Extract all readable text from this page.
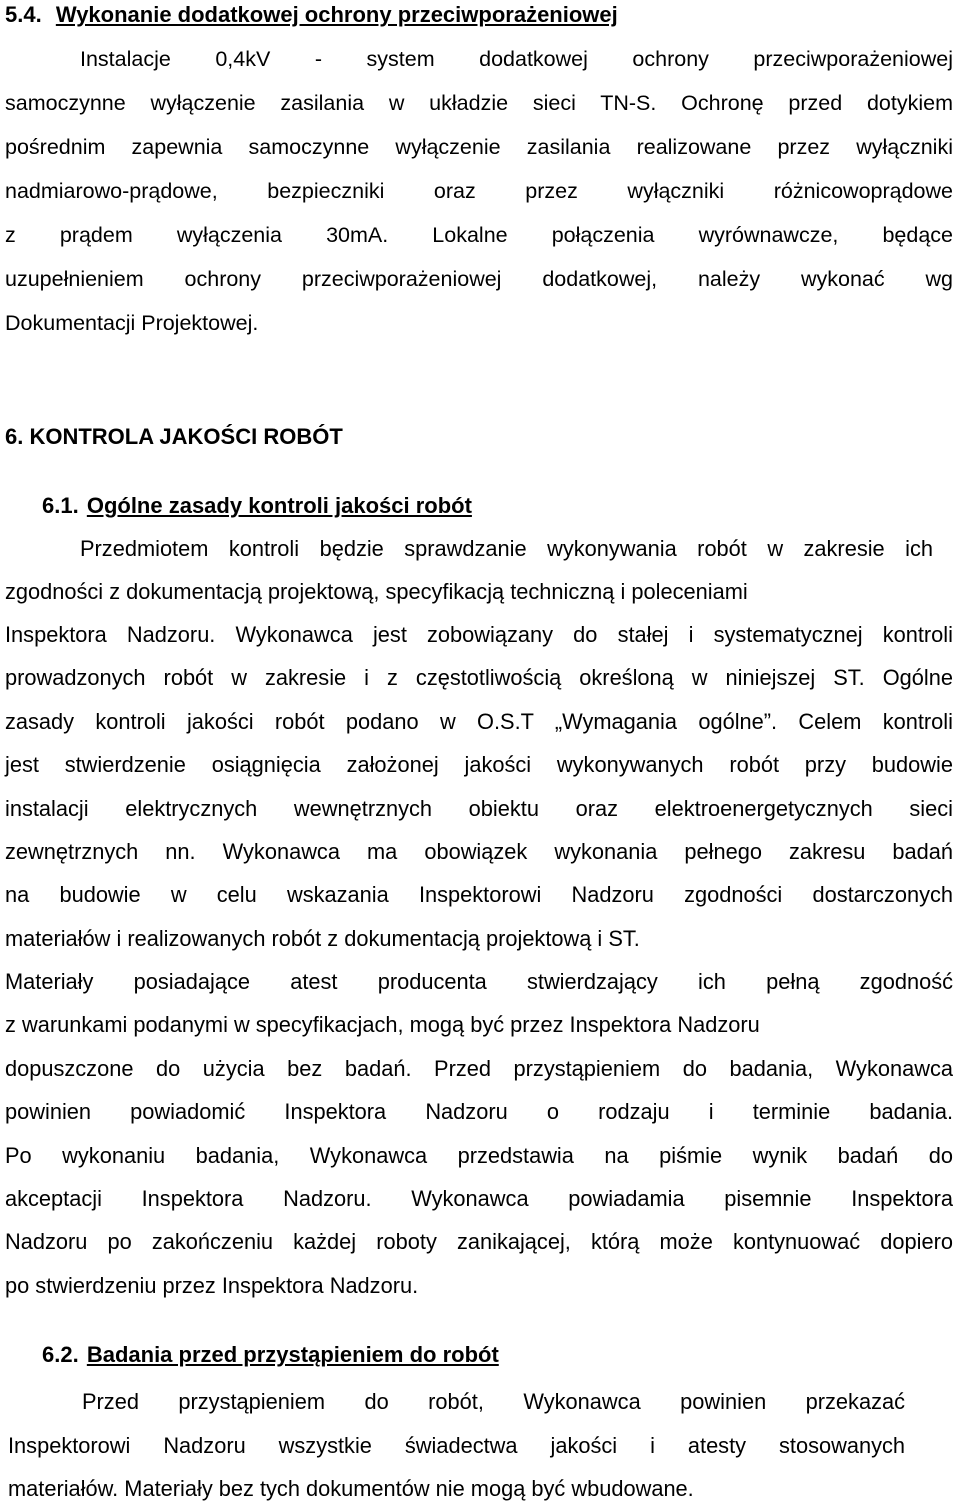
5.4. Wykonanie dodatkowej ochrony przeciwporażeniowej
Instalacje 0,4kV - system dodatkowej ochrony przeciwporażeniowej
samoczynne wyłączenie zasilania w układzie sieci TN-S. Ochronę przed dotykiem
pośrednim zapewnia samoczynne wyłączenie zasilania realizowane przez wyłączniki
nadmiarowo-prądowe, bezpieczniki oraz przez wyłączniki różnicowoprądowe
z prądem wyłączenia 30mA. Lokalne połączenia wyrównawcze, będące
uzupełnieniem ochrony przeciwporażeniowej dodatkowej, należy wykonać wg
Dokumentacji Projektowej.
6. KONTROLA JAKOŚCI ROBÓT
6.1. Ogólne zasady kontroli jakości robót
Przedmiotem kontroli będzie sprawdzanie wykonywania robót w zakresie ich
zgodności z dokumentacją projektową, specyfikacją techniczną i poleceniami
Inspektora Nadzoru. Wykonawca jest zobowiązany do stałej i systematycznej kontroli
prowadzonych robót w zakresie i z częstotliwością określoną w niniejszej ST. Ogólne
zasady kontroli jakości robót podano w O.S.T „Wymagania ogólne”. Celem kontroli
jest stwierdzenie osiągnięcia założonej jakości wykonywanych robót przy budowie
instalacji elektrycznych wewnętrznych obiektu oraz elektroenergetycznych sieci
zewnętrznych nn. Wykonawca ma obowiązek wykonania pełnego zakresu badań
na budowie w celu wskazania Inspektorowi Nadzoru zgodności dostarczonych
materiałów i realizowanych robót z dokumentacją projektową i ST.
Materiały posiadające atest producenta stwierdzający ich pełną zgodność
z warunkami podanymi w specyfikacjach, mogą być przez Inspektora Nadzoru
dopuszczone do użycia bez badań. Przed przystąpieniem do badania, Wykonawca
powinien powiadomić Inspektora Nadzoru o rodzaju i terminie badania.
Po wykonaniu badania, Wykonawca przedstawia na piśmie wynik badań do
akceptacji Inspektora Nadzoru. Wykonawca powiadamia pisemnie Inspektora
Nadzoru po zakończeniu każdej roboty zanikającej, którą może kontynuować dopiero
po stwierdzeniu przez Inspektora Nadzoru.
6.2. Badania przed przystąpieniem do robót
Przed przystąpieniem do robót, Wykonawca powinien przekazać
Inspektorowi Nadzoru wszystkie świadectwa jakości i atesty stosowanych
materiałów. Materiały bez tych dokumentów nie mogą być wbudowane.
